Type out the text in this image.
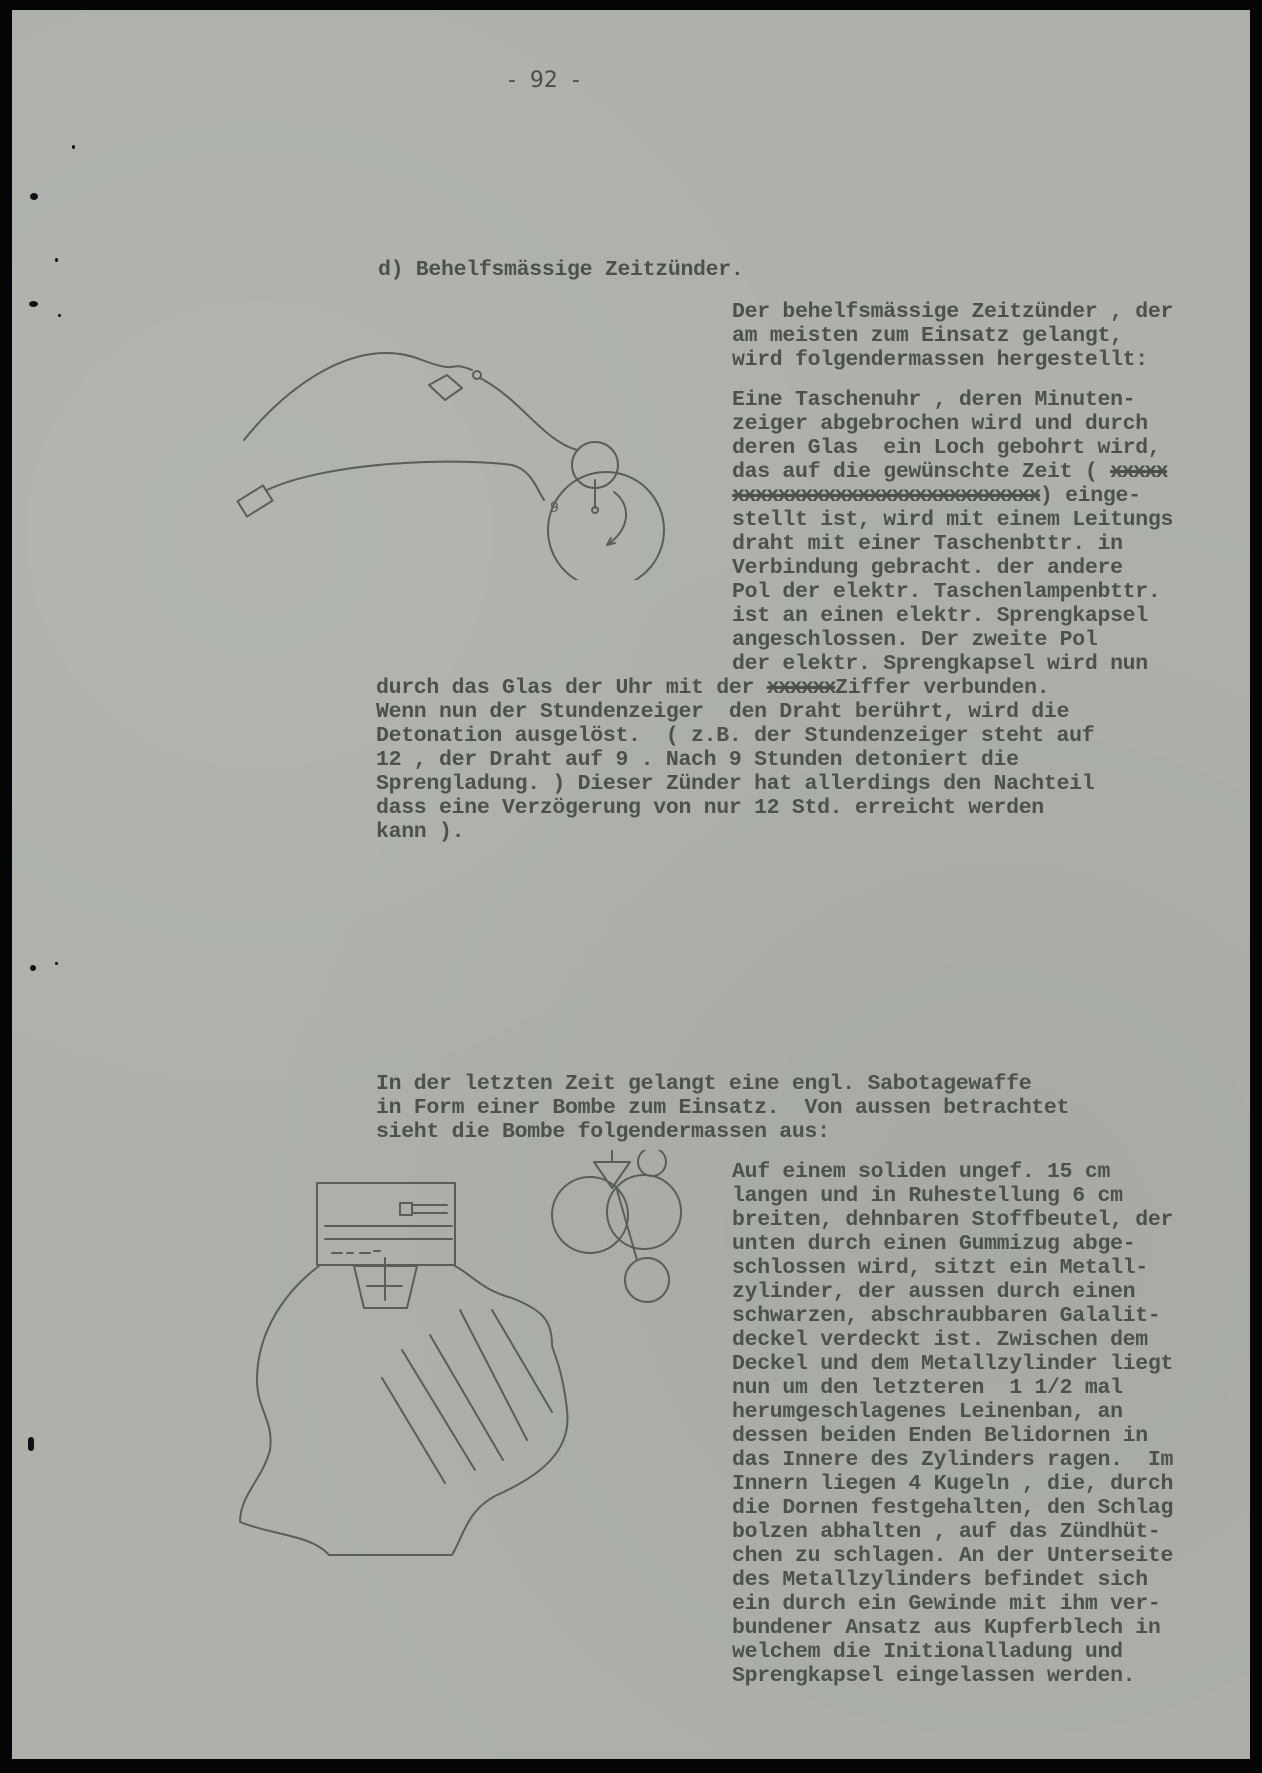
-  92  -
d) Behelfsmässige Zeitzünder.
Der behelfsmässige Zeitzünder , der
am meisten zum Einsatz gelangt,
wird folgendermassen hergestellt:
Eine Taschenuhr , deren Minuten-
zeiger abgebrochen wird und durch
deren Glas  ein Loch gebohrt wird,
das auf die gewünschte Zeit ( xxxxx
xxxxxxxxxxxxxxxxxxxxxxxxxxx) einge-
stellt ist, wird mit einem Leitungs
draht mit einer Taschenbttr. in
Verbindung gebracht. der andere
Pol der elektr. Taschenlampenbttr.
ist an einen elektr. Sprengkapsel
angeschlossen. Der zweite Pol
der elektr. Sprengkapsel wird nun
durch das Glas der Uhr mit der xxxxxxZiffer verbunden.
Wenn nun der Stundenzeiger  den Draht berührt, wird die
Detonation ausgelöst.  ( z.B. der Stundenzeiger steht auf
12 , der Draht auf 9 . Nach 9 Stunden detoniert die
Sprengladung. ) Dieser Zünder hat allerdings den Nachteil
dass eine Verzögerung von nur 12 Std. erreicht werden
kann ).
9
In der letzten Zeit gelangt eine engl. Sabotagewaffe
in Form einer Bombe zum Einsatz.  Von aussen betrachtet
sieht die Bombe folgendermassen aus:
Auf einem soliden ungef. 15 cm
langen und in Ruhestellung 6 cm
breiten, dehnbaren Stoffbeutel, der
unten durch einen Gummizug abge-
schlossen wird, sitzt ein Metall-
zylinder, der aussen durch einen
schwarzen, abschraubbaren Galalit-
deckel verdeckt ist. Zwischen dem
Deckel und dem Metallzylinder liegt
nun um den letzteren  1 1/2 mal
herumgeschlagenes Leinenban, an
dessen beiden Enden Belidornen in
das Innere des Zylinders ragen.  Im
Innern liegen 4 Kugeln , die, durch
die Dornen festgehalten, den Schlag
bolzen abhalten , auf das Zündhüt-
chen zu schlagen. An der Unterseite
des Metallzylinders befindet sich
ein durch ein Gewinde mit ihm ver-
bundener Ansatz aus Kupferblech in
welchem die Initionalladung und
Sprengkapsel eingelassen werden.
